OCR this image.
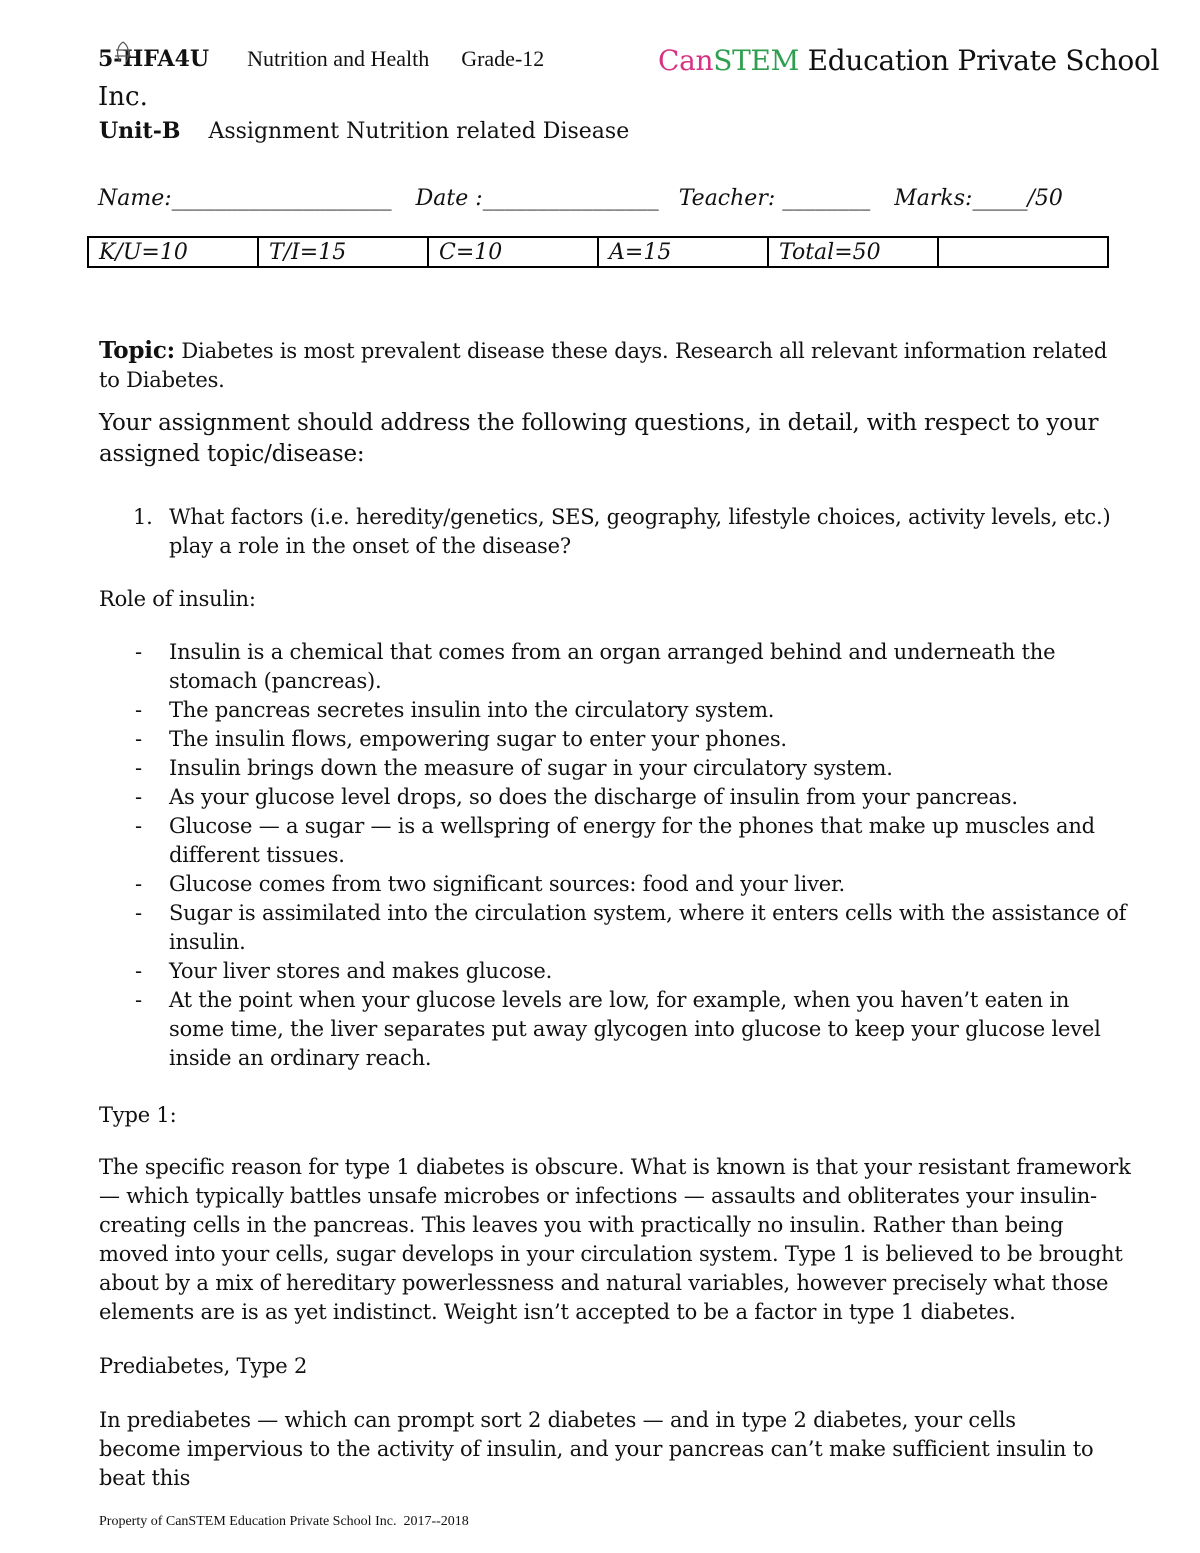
5-HFA4U Nutrition and Health Grade-12	CanSTEM Education Private School
Inc.
Unit-B Assignment Nutrition related Disease
Name:____________________ Date :________________ Teacher: ________ Marks:_____/50
K/U=10	T/I=15	C=10	A=15	Total=50	
Topic: Diabetes is most prevalent disease these days. Research all relevant information related to Diabetes.
Your assignment should address the following questions, in detail, with respect to your assigned topic/disease:
1. What factors (i.e. heredity/genetics, SES, geography, lifestyle choices, activity levels, etc.) play a role in the onset of the disease?
Role of insulin:
- Insulin is a chemical that comes from an organ arranged behind and underneath the stomach (pancreas).
- The pancreas secretes insulin into the circulatory system.
- The insulin flows, empowering sugar to enter your phones.
- Insulin brings down the measure of sugar in your circulatory system.
- As your glucose level drops, so does the discharge of insulin from your pancreas.
- Glucose — a sugar — is a wellspring of energy for the phones that make up muscles and different tissues.
- Glucose comes from two significant sources: food and your liver.
- Sugar is assimilated into the circulation system, where it enters cells with the assistance of insulin.
- Your liver stores and makes glucose.
- At the point when your glucose levels are low, for example, when you haven’t eaten in some time, the liver separates put away glycogen into glucose to keep your glucose level inside an ordinary reach.
Type 1:
The specific reason for type 1 diabetes is obscure. What is known is that your resistant framework — which typically battles unsafe microbes or infections — assaults and obliterates your insulin-creating cells in the pancreas. This leaves you with practically no insulin. Rather than being moved into your cells, sugar develops in your circulation system. Type 1 is believed to be brought about by a mix of hereditary powerlessness and natural variables, however precisely what those elements are is as yet indistinct. Weight isn’t accepted to be a factor in type 1 diabetes.
Prediabetes, Type 2
In prediabetes — which can prompt sort 2 diabetes — and in type 2 diabetes, your cells become impervious to the activity of insulin, and your pancreas can’t make sufficient insulin to beat this
Property of CanSTEM Education Private School Inc.  2017--2018
